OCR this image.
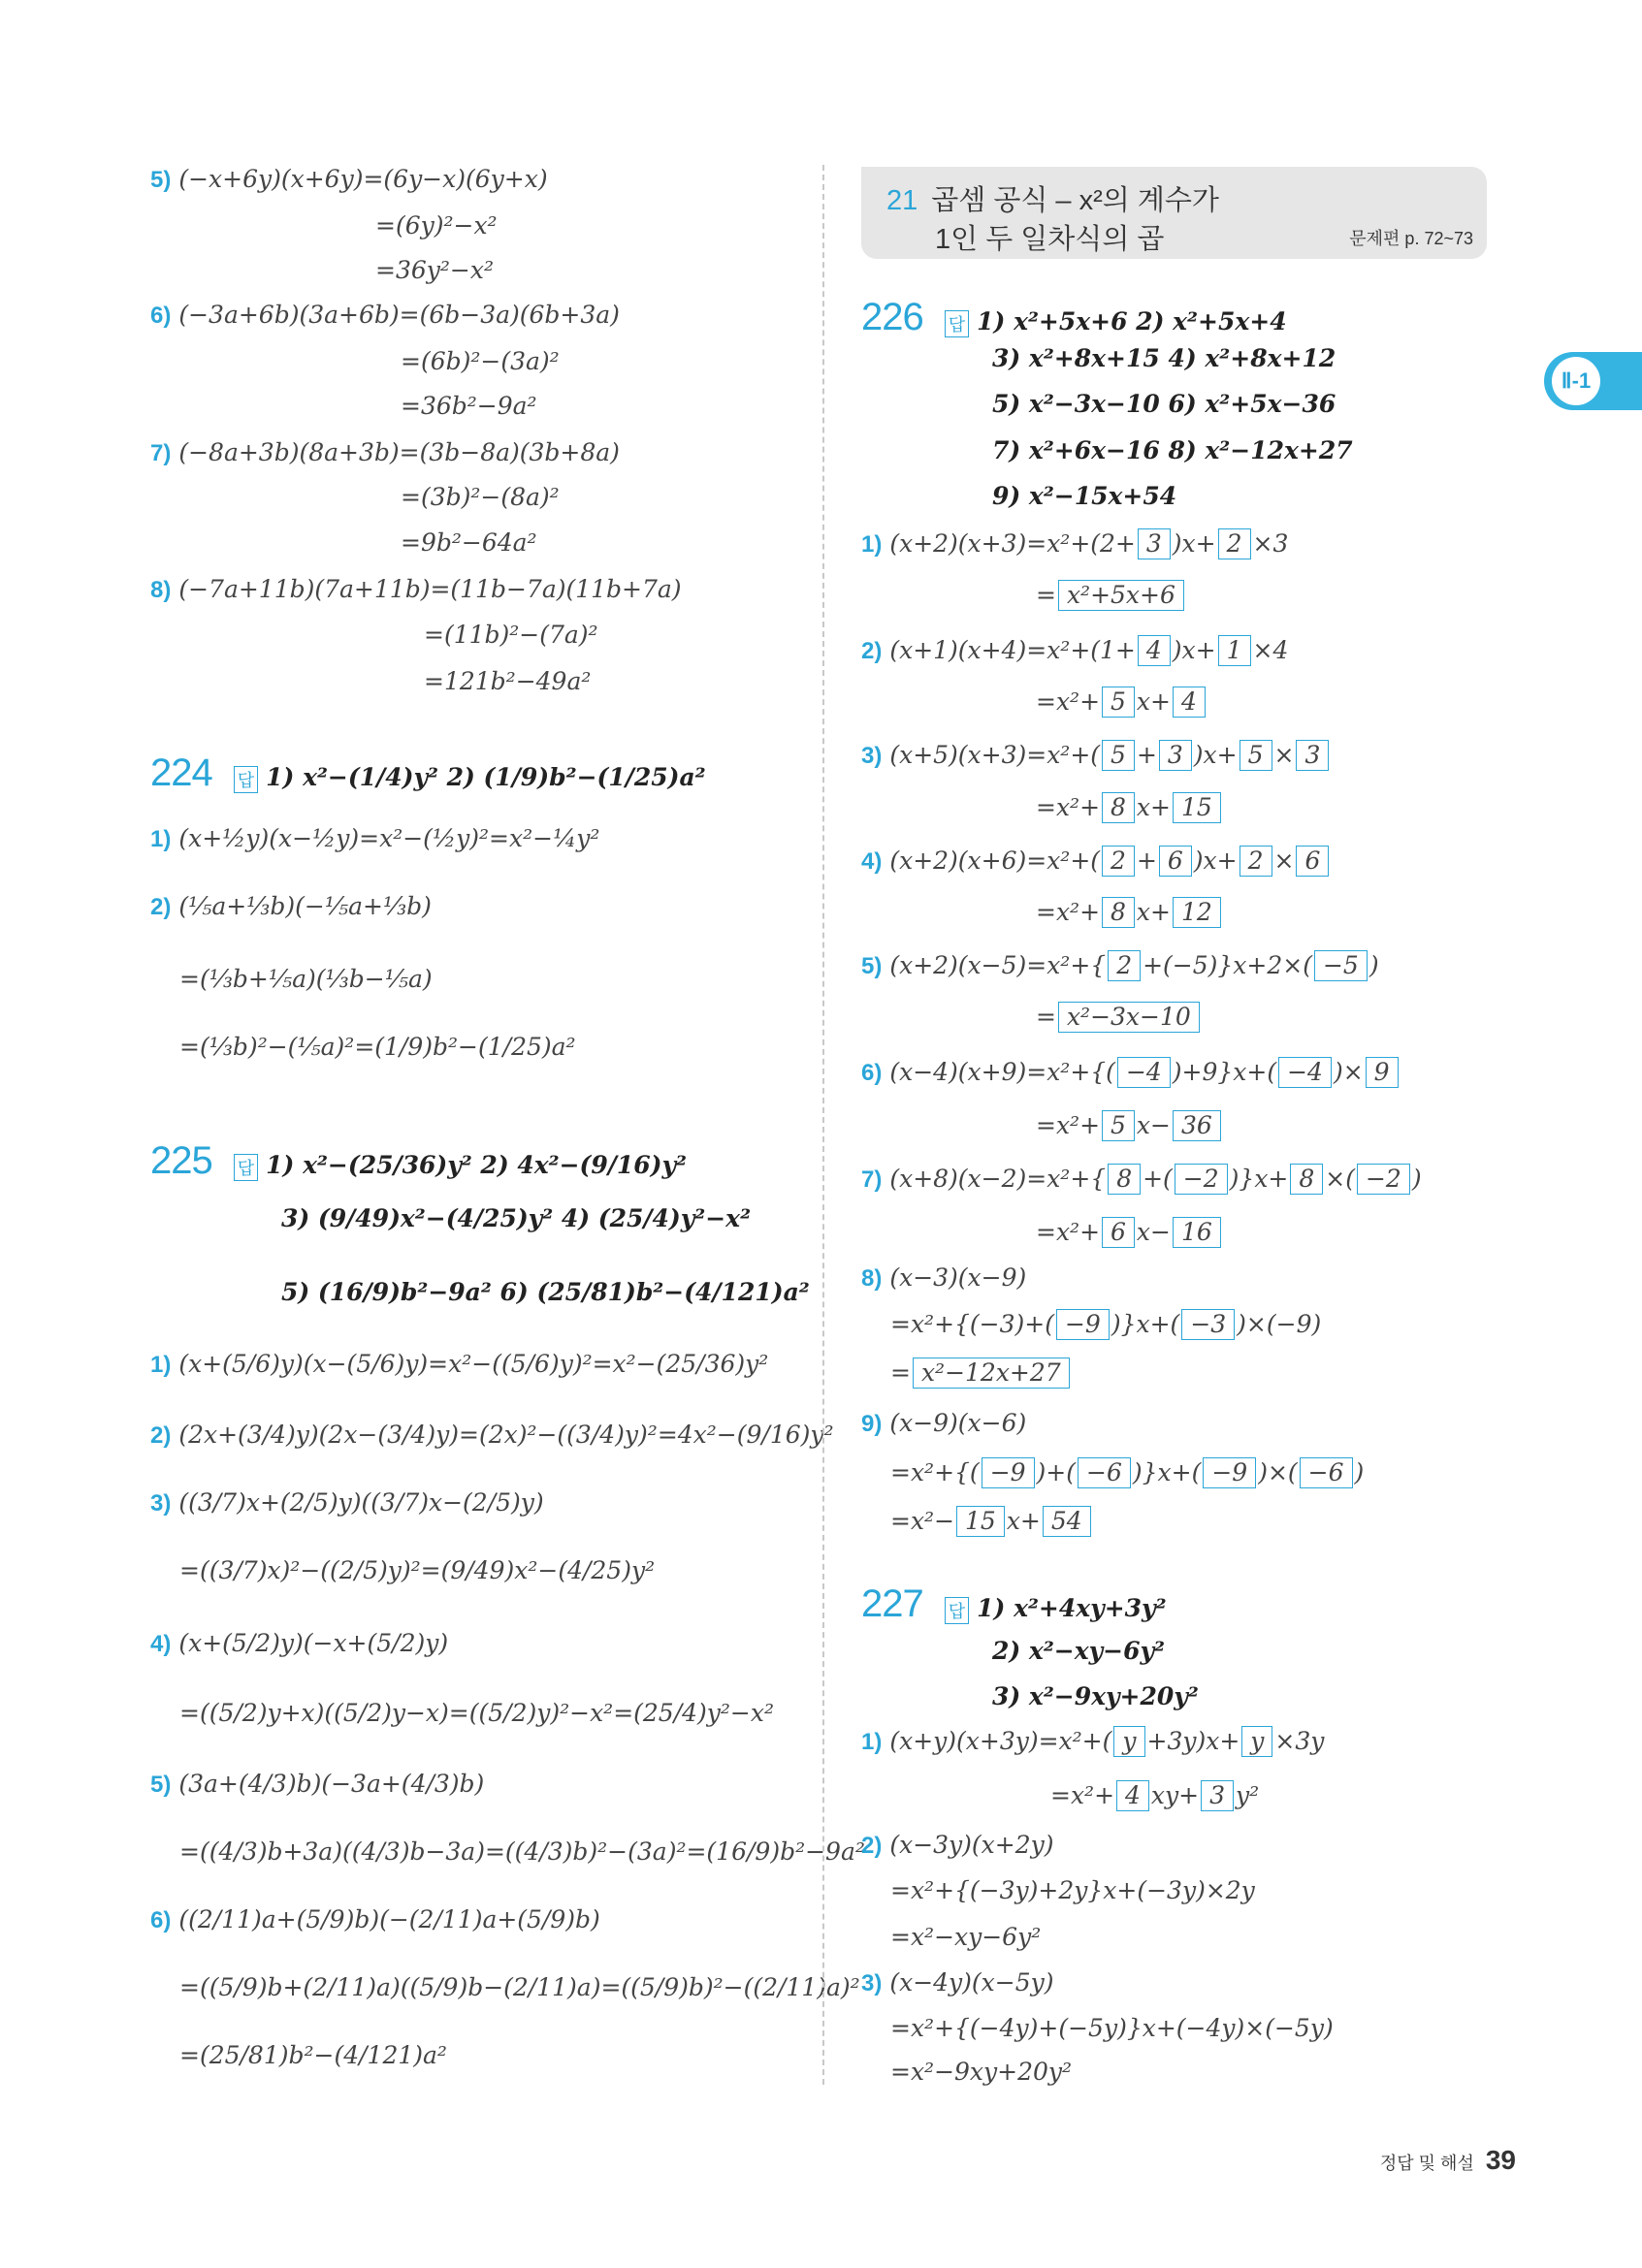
5) (−x+6y)(x+6y)=(6y−x)(6y+x)
=(6y)²−x²
=36y²−x²
6) (−3a+6b)(3a+6b)=(6b−3a)(6b+3a)
=(6b)²−(3a)²
=36b²−9a²
7) (−8a+3b)(8a+3b)=(3b−8a)(3b+8a)
=(3b)²−(8a)²
=9b²−64a²
8) (−7a+11b)(7a+11b)=(11b−7a)(11b+7a)
=(11b)²−(7a)²
=121b²−49a²
224 답 1) x²−(1/4)y² 2) (1/9)b²−(1/25)a²
1) (x+½y)(x−½y)=x²−(½y)²=x²−¼y²
2) (⅕a+⅓b)(−⅕a+⅓b)
=(⅓b+⅕a)(⅓b−⅕a)
=(⅓b)²−(⅕a)²=(1/9)b²−(1/25)a²
225 답 1) x²−(25/36)y² 2) 4x²−(9/16)y²
3) (9/49)x²−(4/25)y² 4) (25/4)y²−x²
5) (16/9)b²−9a² 6) (25/81)b²−(4/121)a²
1) (x+(5/6)y)(x−(5/6)y)=x²−((5/6)y)²=x²−(25/36)y²
2) (2x+(3/4)y)(2x−(3/4)y)=(2x)²−((3/4)y)²=4x²−(9/16)y²
3) ((3/7)x+(2/5)y)((3/7)x−(2/5)y)
=((3/7)x)²−((2/5)y)²=(9/49)x²−(4/25)y²
4) (x+(5/2)y)(−x+(5/2)y)
=((5/2)y+x)((5/2)y−x)=((5/2)y)²−x²=(25/4)y²−x²
5) (3a+(4/3)b)(−3a+(4/3)b)
=((4/3)b+3a)((4/3)b−3a)=((4/3)b)²−(3a)²=(16/9)b²−9a²
6) ((2/11)a+(5/9)b)(−(2/11)a+(5/9)b)
=((5/9)b+(2/11)a)((5/9)b−(2/11)a)=((5/9)b)²−((2/11)a)²
=(25/81)b²−(4/121)a²
21 곱셈 공식 – x²의 계수가
1인 두 일차식의 곱	문제편 p. 72~73
226 답 1) x²+5x+6 2) x²+5x+4
3) x²+8x+15 4) x²+8x+12
5) x²−3x−10 6) x²+5x−36
7) x²+6x−16 8) x²−12x+27
9) x²−15x+54
1) (x+2)(x+3)=x²+(2+ 3 )x+ 2 ×3
= x²+5x+6
2) (x+1)(x+4)=x²+(1+ 4 )x+ 1 ×4
=x²+ 5 x+ 4
3) (x+5)(x+3)=x²+( 5 + 3 )x+ 5 × 3
=x²+ 8 x+ 15
4) (x+2)(x+6)=x²+( 2 + 6 )x+ 2 × 6
=x²+ 8 x+ 12
5) (x+2)(x−5)=x²+{ 2 +(−5)}x+2×( −5 )
= x²−3x−10
6) (x−4)(x+9)=x²+{( −4 )+9}x+( −4 )× 9
=x²+ 5 x− 36
7) (x+8)(x−2)=x²+{ 8 +( −2 )}x+ 8 ×( −2 )
=x²+ 6 x− 16
8) (x−3)(x−9)
=x²+{(−3)+( −9 )}x+( −3 )×(−9)
= x²−12x+27
9) (x−9)(x−6)
=x²+{( −9 )+( −6 )}x+( −9 )×( −6 )
=x²− 15 x+ 54
227 답 1) x²+4xy+3y²
2) x²−xy−6y²
3) x²−9xy+20y²
1) (x+y)(x+3y)=x²+( y +3y)x+ y ×3y
=x²+ 4 xy+ 3 y²
2) (x−3y)(x+2y)
=x²+{(−3y)+2y}x+(−3y)×2y
=x²−xy−6y²
3) (x−4y)(x−5y)
=x²+{(−4y)+(−5y)}x+(−4y)×(−5y)
=x²−9xy+20y²
Ⅱ-1
정답 및 해설 39
